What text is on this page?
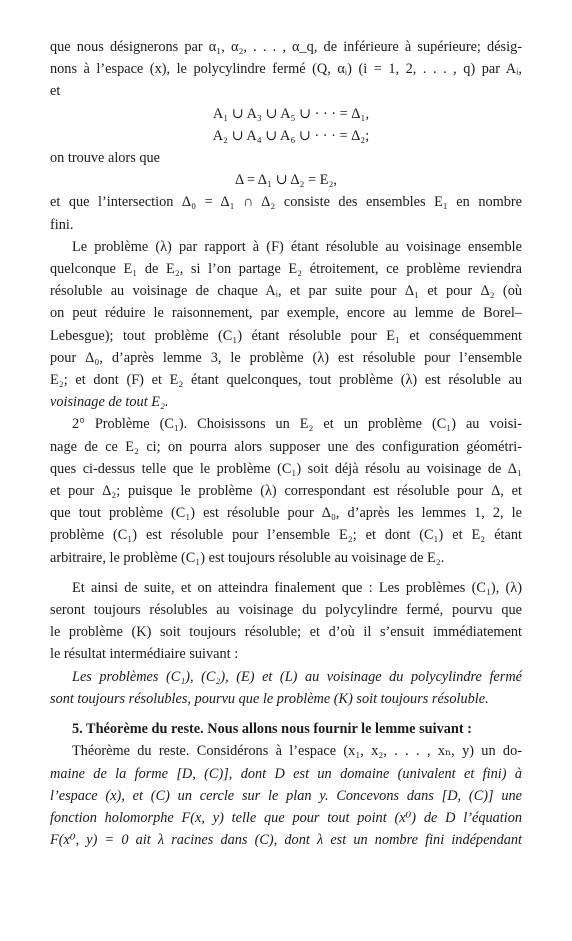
que nous désignerons par α₁, α₂, . . . , α_q, de inférieure à supérieure; désig-
nons à l’espace (x), le polycylindre fermé (Q, αᵢ) (i = 1, 2, . . . , q) par Aᵢ,
et
A₁ ∪ A₃ ∪ A₅ ∪ · · · = Δ₁,
A₂ ∪ A₄ ∪ A₆ ∪ · · · = Δ₂;
on trouve alors que
Δ = Δ₁ ∪ Δ₂ = E₂,
et que l’intersection Δ₀ = Δ₁ ∩ Δ₂ consiste des ensembles E₁ en nombre
fini.
Le problème (λ) par rapport à (F) étant résoluble au voisinage ensemble
quelconque E₁ de E₂, si l’on partage E₂ étroitement, ce problème reviendra
résoluble au voisinage de chaque Aᵢ, et par suite pour Δ₁ et pour Δ₂ (où
on peut réduire le raisonnement, par exemple, encore au lemme de Borel–
Lebesgue); tout problème (C₁) étant résoluble pour E₁ et conséquemment
pour Δ₀, d’après lemme 3, le problème (λ) est résoluble pour l’ensemble
E₂; et dont (F) et E₂ étant quelconques, tout problème (λ) est résoluble au
voisinage de tout E₂.
2° Problème (C₁). Choisissons un E₂ et un problème (C₁) au voisi-
nage de ce E₂ ci; on pourra alors supposer une des configuration géométri-
ques ci-dessus telle que le problème (C₁) soit déjà résolu au voisinage de Δ₁
et pour Δ₂; puisque le problème (λ) correspondant est résoluble pour Δ, et
que tout problème (C₁) est résoluble pour Δ₀, d’après les lemmes 1, 2, le
problème (C₁) est résoluble pour l’ensemble E₂; et dont (C₁) et E₂ étant
arbitraire, le problème (C₁) est toujours résoluble au voisinage de E₂.
Et ainsi de suite, et on atteindra finalement que : Les problèmes (C₁), (λ)
seront toujours résolubles au voisinage du polycylindre fermé, pourvu que
le problème (K) soit toujours résoluble; et d’où il s’ensuit immédiatement
le résultat intermédiaire suivant :
Les problèmes (C₁), (C₂), (E) et (L) au voisinage du polycylindre fermé
sont toujours résolubles, pourvu que le problème (K) soit toujours résoluble.
5. Théorème du reste. Nous allons nous fournir le lemme suivant :
Théorème du reste. Considérons à l’espace (x₁, x₂, . . . , xₙ, y) un do-
maine de la forme [D, (C)], dont D est un domaine (univalent et fini) à
l’espace (x), et (C) un cercle sur le plan y. Concevons dans [D, (C)] une
fonction holomorphe F(x, y) telle que pour tout point (x⁰) de D l’équation
F(x⁰, y) = 0 ait λ racines dans (C), dont λ est un nombre fini indépendant
